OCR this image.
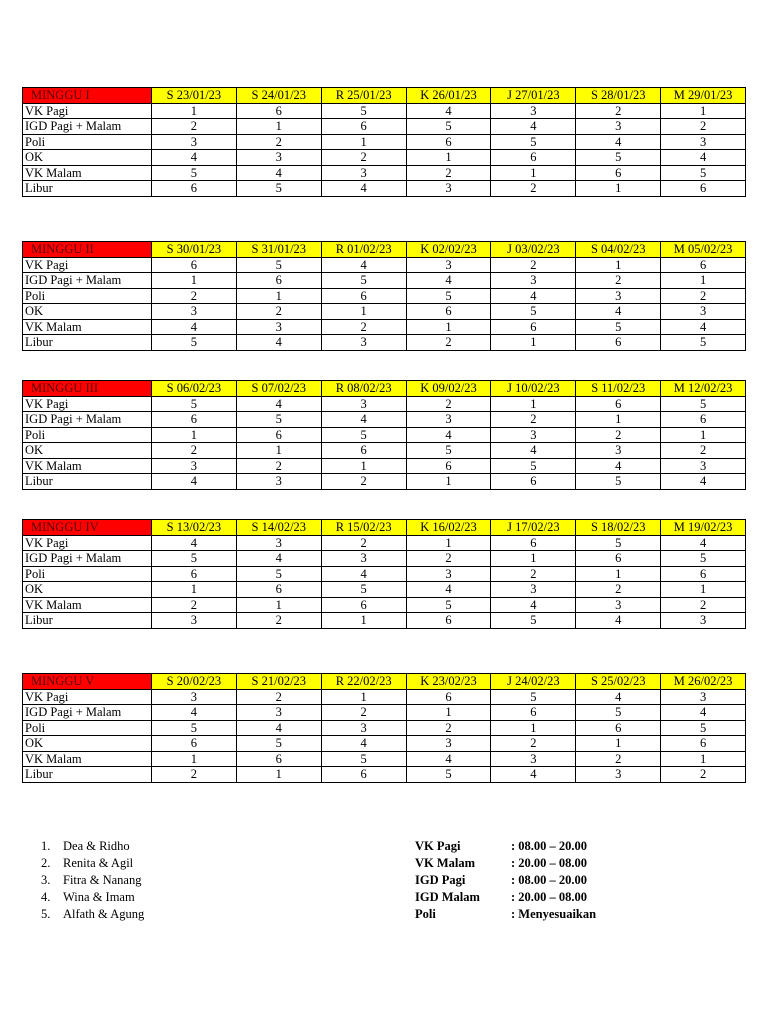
MINGGU I	S 23/01/23	S 24/01/23	R 25/01/23	K 26/01/23	J 27/01/23	S 28/01/23	M 29/01/23
VK Pagi	1	6	5	4	3	2	1
IGD Pagi + Malam	2	1	6	5	4	3	2
Poli	3	2	1	6	5	4	3
OK	4	3	2	1	6	5	4
VK Malam	5	4	3	2	1	6	5
Libur	6	5	4	3	2	1	6
MINGGU II	S 30/01/23	S 31/01/23	R 01/02/23	K 02/02/23	J 03/02/23	S 04/02/23	M 05/02/23
VK Pagi	6	5	4	3	2	1	6
IGD Pagi + Malam	1	6	5	4	3	2	1
Poli	2	1	6	5	4	3	2
OK	3	2	1	6	5	4	3
VK Malam	4	3	2	1	6	5	4
Libur	5	4	3	2	1	6	5
MINGGU III	S 06/02/23	S 07/02/23	R 08/02/23	K 09/02/23	J 10/02/23	S 11/02/23	M 12/02/23
VK Pagi	5	4	3	2	1	6	5
IGD Pagi + Malam	6	5	4	3	2	1	6
Poli	1	6	5	4	3	2	1
OK	2	1	6	5	4	3	2
VK Malam	3	2	1	6	5	4	3
Libur	4	3	2	1	6	5	4
MINGGU IV	S 13/02/23	S 14/02/23	R 15/02/23	K 16/02/23	J 17/02/23	S 18/02/23	M 19/02/23
VK Pagi	4	3	2	1	6	5	4
IGD Pagi + Malam	5	4	3	2	1	6	5
Poli	6	5	4	3	2	1	6
OK	1	6	5	4	3	2	1
VK Malam	2	1	6	5	4	3	2
Libur	3	2	1	6	5	4	3
MINGGU V	S 20/02/23	S 21/02/23	R 22/02/23	K 23/02/23	J 24/02/23	S 25/02/23	M 26/02/23
VK Pagi	3	2	1	6	5	4	3
IGD Pagi + Malam	4	3	2	1	6	5	4
Poli	5	4	3	2	1	6	5
OK	6	5	4	3	2	1	6
VK Malam	1	6	5	4	3	2	1
Libur	2	1	6	5	4	3	2
1. Dea & Ridho
2. Renita & Agil
3. Fitra & Nanang
4. Wina & Imam
5. Alfath & Agung
VK Pagi	: 08.00 – 20.00
VK Malam	: 20.00 – 08.00
IGD Pagi	: 08.00 – 20.00
IGD Malam : 20.00 – 08.00
Poli	: Menyesuaikan
